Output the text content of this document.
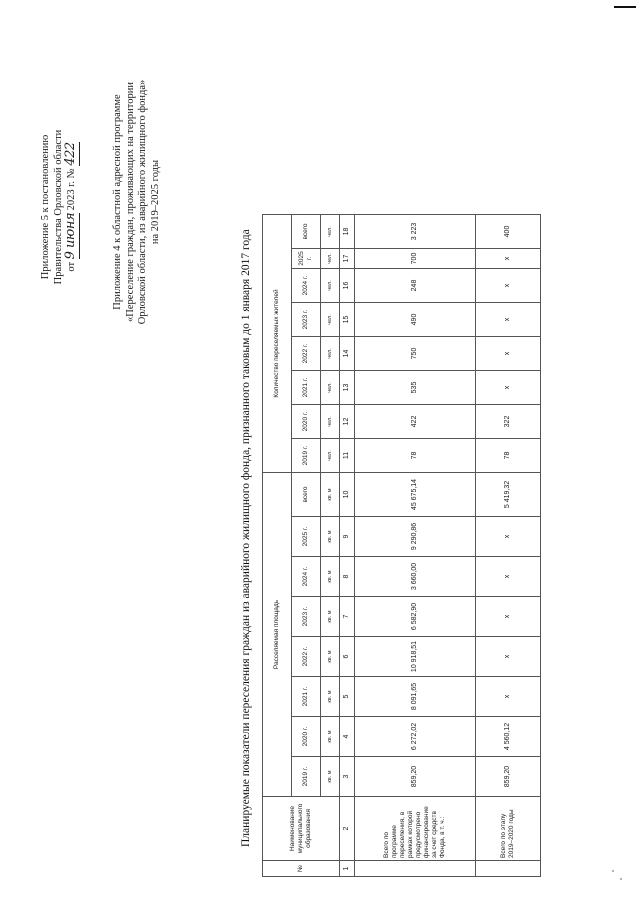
Приложение 5 к постановлению Правительства Орловской области от 9 июня 2023 г. № 422	Приложение 4 к областной адресной программе «Переселение граждан, проживающих на территории Орловской области, из аварийного жилищного фонда» на 2019–2025 годы
Планируемые показатели переселения граждан из аварийного жилищного фонда, признанного таковым до 1 января 2017 года
№	Наименование муниципального образования	Расселяемая площадь								Количество переселяемых жителей							
		2019 г.	2020 г.	2021 г.	2022 г.	2023 г.	2024 г.	2025 г.	всего	2019 г.	2020 г.	2021 г.	2022 г.	2023 г.	2024 г.	2025 г.	всего
		кв. м	кв. м	кв. м	кв. м	кв. м	кв. м	кв. м	кв. м	чел.	чел.	чел.	чел.	чел.	чел.	чел.	чел.
1	2	3	4	5	6	7	8	9	10	11	12	13	14	15	16	17	18
	Всего по программе переселения, в рамках которой предусмотрено финансирование за счет средств Фонда, в т. ч.:	859,20	6 272,02	8 091,65	10 918,51	6 582,90	3 660,00	9 290,86	45 675,14	78	422	535	750	490	248	700	3 223
	Всего по этапу 2019–2020 годы	859,20	4 560,12	x	x	x	x	x	5 419,32	78	322	x	x	x	x	x	400
